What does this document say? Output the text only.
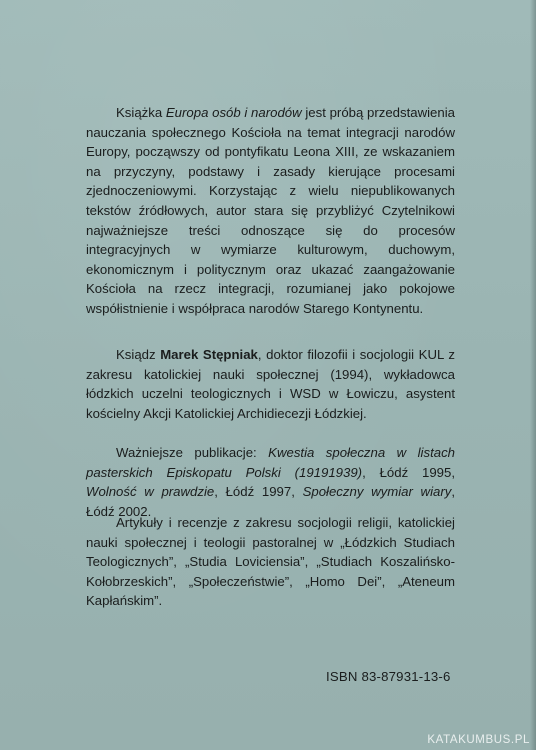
Książka Europa osób i narodów jest próbą przedstawienia nauczania społecznego Kościoła na temat integracji narodów Europy, począwszy od pontyfikatu Leona XIII, ze wskazaniem na przyczyny, podstawy i zasady kierujące procesami zjednoczeniowymi. Korzystając z wielu niepublikowanych tekstów źródłowych, autor stara się przybliżyć Czytelnikowi najważniejsze treści odnoszące się do procesów integracyjnych w wymiarze kulturowym, duchowym, ekonomicznym i politycznym oraz ukazać zaangażowanie Kościoła na rzecz integracji, rozumianej jako pokojowe współistnienie i współpraca narodów Starego Kontynentu.

Ksiądz Marek Stępniak, doktor filozofii i socjologii KUL z zakresu katolickiej nauki społecznej (1994), wykładowca łódzkich uczelni teologicznych i WSD w Łowiczu, asystent kościelny Akcji Katolickiej Archidiecezji Łódzkiej.

Ważniejsze publikacje: Kwestia społeczna w listach pasterskich Episkopatu Polski (19191939), Łódź 1995, Wolność w prawdzie, Łódź 1997, Społeczny wymiar wiary, Łódź 2002.

Artykuły i recenzje z zakresu socjologii religii, katolickiej nauki społecznej i teologii pastoralnej w „Łódzkich Studiach Teologicznych”, „Studia Loviciensia”, „Studiach Koszalińsko-Kołobrzeskich”, „Społeczeństwie”, „Homo Dei”, „Ateneum Kapłańskim”.

ISBN 83-87931-13-6
KATAKUMBUS.PL
